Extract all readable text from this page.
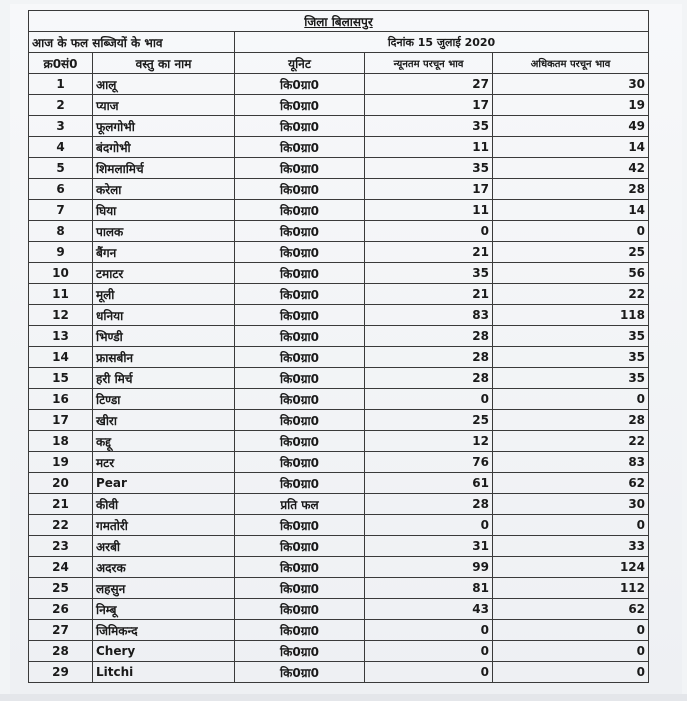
जिला बिलासपुर				
आज के फल सब्जियों के भाव		दिनांक 15 जुलाई 2020		
क्र0सं0	वस्तु का नाम	यूनिट	न्यूनतम परचून भाव	अधिकतम परचून भाव
1	आलू	कि0ग्रा0	27	30
2	प्याज	कि0ग्रा0	17	19
3	फूलगोभी	कि0ग्रा0	35	49
4	बंदगोभी	कि0ग्रा0	11	14
5	शिमलामिर्च	कि0ग्रा0	35	42
6	करेला	कि0ग्रा0	17	28
7	घिया	कि0ग्रा0	11	14
8	पालक	कि0ग्रा0	0	0
9	बैंगन	कि0ग्रा0	21	25
10	टमाटर	कि0ग्रा0	35	56
11	मूली	कि0ग्रा0	21	22
12	धनिया	कि0ग्रा0	83	118
13	भिण्डी	कि0ग्रा0	28	35
14	फ्रासबीन	कि0ग्रा0	28	35
15	हरी मिर्च	कि0ग्रा0	28	35
16	टिण्डा	कि0ग्रा0	0	0
17	खीरा	कि0ग्रा0	25	28
18	कद्दू	कि0ग्रा0	12	22
19	मटर	कि0ग्रा0	76	83
20	Pear	कि0ग्रा0	61	62
21	कीवी	प्रति फल	28	30
22	गमतोरी	कि0ग्रा0	0	0
23	अरबी	कि0ग्रा0	31	33
24	अदरक	कि0ग्रा0	99	124
25	लहसुन	कि0ग्रा0	81	112
26	निम्बू	कि0ग्रा0	43	62
27	जिमिकन्द	कि0ग्रा0	0	0
28	Chery	कि0ग्रा0	0	0
29	Litchi	कि0ग्रा0	0	0
